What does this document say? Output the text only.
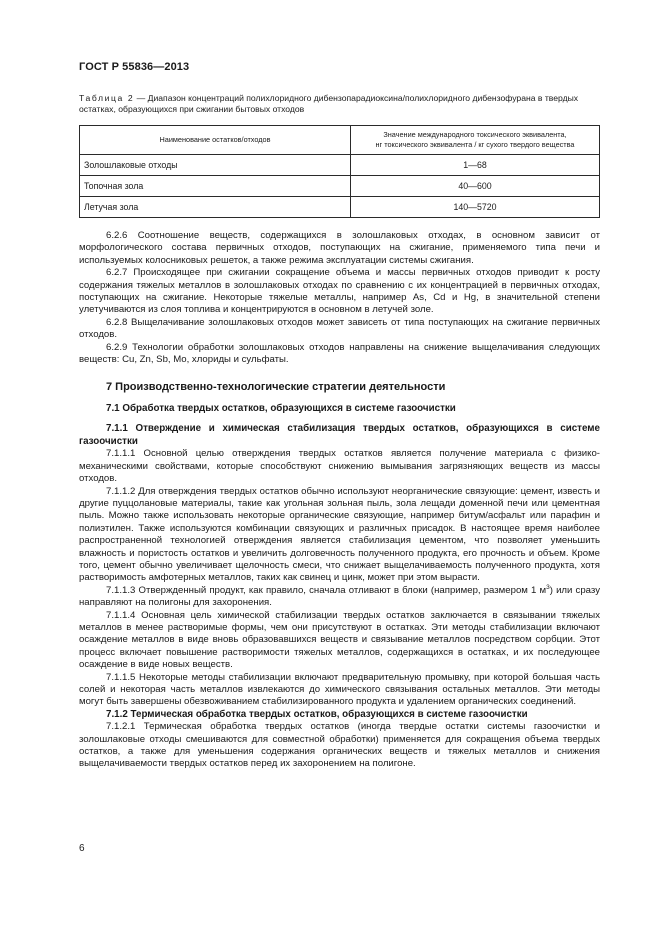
ГОСТ Р 55836—2013
Таблица 2 — Диапазон концентраций полихлоридного дибензопарадиоксина/полихлоридного дибензофурана в твердых остатках, образующихся при сжигании бытовых отходов
Наименование остатков/отходов	Значение международного токсического эквивалента,
нг токсического эквивалента / кг сухого твердого вещества

Золошлаковые отходы	1—68
Топочная зола	40—600
Летучая зола	140—5720

6.2.6 Соотношение веществ, содержащихся в золошлаковых отходах, в основном зависит от морфологического состава первичных отходов, поступающих на сжигание, применяемого типа печи и используемых колосниковых решеток, а также режима эксплуатации системы сжигания.

6.2.7 Происходящее при сжигании сокращение объема и массы первичных отходов приводит к росту содержания тяжелых металлов в золошлаковых отходах по сравнению с их концентрацией в первичных отходах, поступающих на сжигание. Некоторые тяжелые металлы, например As, Cd и Hg, в значительной степени улетучиваются из слоя топлива и концентрируются в основном в летучей золе.

6.2.8 Выщелачивание золошлаковых отходов может зависеть от типа поступающих на сжигание первичных отходов.

6.2.9 Технологии обработки золошлаковых отходов направлены на снижение выщелачивания следующих веществ: Cu, Zn, Sb, Mo, хлориды и сульфаты.

7 Производственно-технологические стратегии деятельности
7.1 Обработка твердых остатков, образующихся в системе газоочистки
7.1.1 Отверждение и химическая стабилизация твердых остатков, образующихся в системе газоочистки

7.1.1.1 Основной целью отверждения твердых остатков является получение материала с физико-механическими свойствами, которые способствуют снижению вымывания загрязняющих веществ из массы отходов.

7.1.1.2 Для отверждения твердых остатков обычно используют неорганические связующие: цемент, известь и другие пуццолановые материалы, такие как угольная зольная пыль, зола лещади доменной печи или цементная пыль. Можно также использовать некоторые органические связующие, например битум/асфальт или парафин и полиэтилен. Также используются комбинации связующих и различных присадок. В настоящее время наиболее распространенной технологией отверждения является стабилизация цементом, что позволяет уменьшить влажность и пористость остатков и увеличить долговечность полученного продукта, его прочность и объем. Кроме того, цемент обычно увеличивает щелочность смеси, что снижает выщелачиваемость полученного продукта, хотя растворимость амфотерных металлов, таких как свинец и цинк, может при этом вырасти.

7.1.1.3 Отвержденный продукт, как правило, сначала отливают в блоки (например, размером 1 $м^3$) или сразу направляют на полигоны для захоронения.

7.1.1.4 Основная цель химической стабилизации твердых остатков заключается в связывании тяжелых металлов в менее растворимые формы, чем они присутствуют в остатках. Эти методы стабилизации включают осаждение металлов в виде вновь образовавшихся веществ и связывание металлов посредством сорбции. Этот процесс включает повышение растворимости тяжелых металлов, содержащихся в остатках, и их последующее осаждение в виде новых веществ.

7.1.1.5 Некоторые методы стабилизации включают предварительную промывку, при которой большая часть солей и некоторая часть металлов извлекаются до химического связывания остальных металлов. Эти методы могут быть завершены обезвоживанием стабилизированного продукта и удалением органических соединений.

7.1.2 Термическая обработка твердых остатков, образующихся в системе газоочистки

7.1.2.1 Термическая обработка твердых остатков (иногда твердые остатки системы газоочистки и золошлаковые отходы смешиваются для совместной обработки) применяется для сокращения объема твердых остатков, а также для уменьшения содержания органических веществ и тяжелых металлов и снижения выщелачиваемости твердых остатков перед их захоронением на полигоне.

6
